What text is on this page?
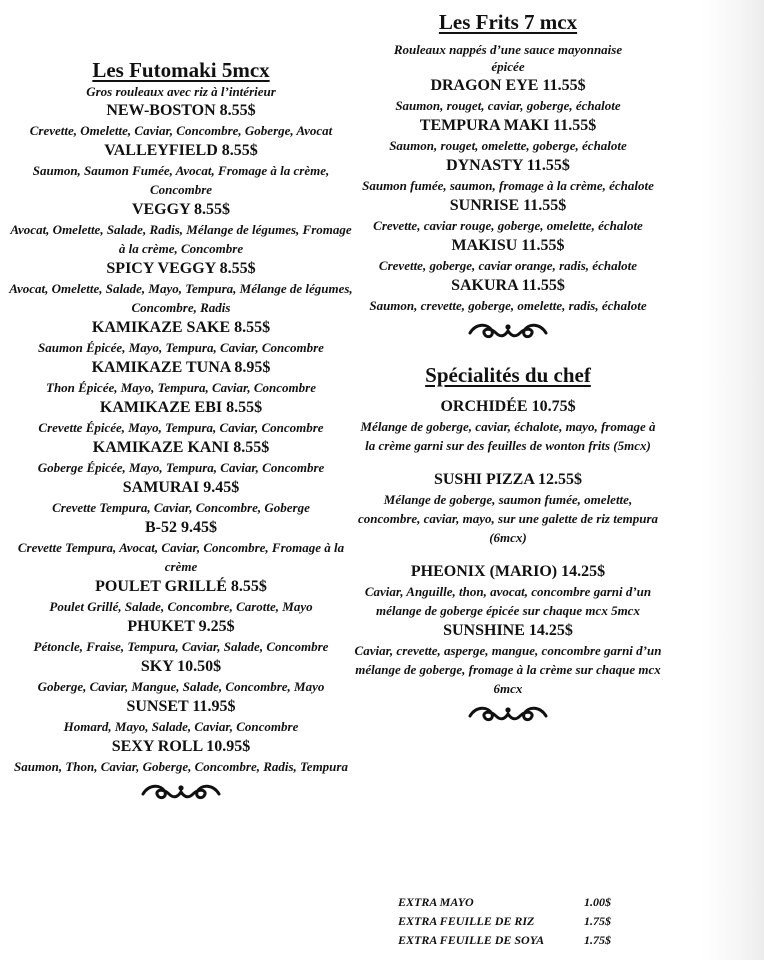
Les Futomaki 5mcx
Gros rouleaux avec riz à l’intérieur
NEW-BOSTON 8.55$
Crevette, Omelette, Caviar, Concombre, Goberge, Avocat
VALLEYFIELD 8.55$
Saumon, Saumon Fumée, Avocat, Fromage à la crème, Concombre
VEGGY 8.55$
Avocat, Omelette, Salade, Radis, Mélange de légumes, Fromage à la crème, Concombre
SPICY VEGGY 8.55$
Avocat, Omelette, Salade, Mayo, Tempura, Mélange de légumes, Concombre, Radis
KAMIKAZE SAKE 8.55$
Saumon Épicée, Mayo, Tempura, Caviar, Concombre
KAMIKAZE TUNA 8.95$
Thon Épicée, Mayo, Tempura, Caviar, Concombre
KAMIKAZE EBI 8.55$
Crevette Épicée, Mayo, Tempura, Caviar, Concombre
KAMIKAZE KANI 8.55$
Goberge Épicée, Mayo, Tempura, Caviar, Concombre
SAMURAI 9.45$
Crevette Tempura, Caviar, Concombre, Goberge
B-52 9.45$
Crevette Tempura, Avocat, Caviar, Concombre, Fromage à la crème
POULET GRILLÉ 8.55$
Poulet Grillé, Salade, Concombre, Carotte, Mayo
PHUKET 9.25$
Pétoncle, Fraise, Tempura, Caviar, Salade, Concombre
SKY 10.50$
Goberge, Caviar, Mangue, Salade, Concombre, Mayo
SUNSET 11.95$
Homard, Mayo, Salade, Caviar, Concombre
SEXY ROLL 10.95$
Saumon, Thon, Caviar, Goberge, Concombre, Radis, Tempura
Les Frits 7 mcx
Rouleaux nappés d’une sauce mayonnaise épicée
DRAGON EYE 11.55$
Saumon, rouget, caviar, goberge, échalote
TEMPURA MAKI 11.55$
Saumon, rouget, omelette, goberge, échalote
DYNASTY 11.55$
Saumon fumée, saumon, fromage à la crème, échalote
SUNRISE 11.55$
Crevette, caviar rouge, goberge, omelette, échalote
MAKISU 11.55$
Crevette, goberge, caviar orange, radis, échalote
SAKURA 11.55$
Saumon, crevette, goberge, omelette, radis, échalote
Spécialités du chef
ORCHIDÉE 10.75$
Mélange de goberge, caviar, échalote, mayo, fromage à la crème garni sur des feuilles de wonton frits (5mcx)
SUSHI PIZZA 12.55$
Mélange de goberge, saumon fumée, omelette, concombre, caviar, mayo, sur une galette de riz tempura (6mcx)
PHEONIX (MARIO) 14.25$
Caviar, Anguille, thon, avocat, concombre garni d’un mélange de goberge épicée sur chaque mcx 5mcx
SUNSHINE 14.25$
Caviar, crevette, asperge, mangue, concombre garni d’un mélange de goberge, fromage à la crème sur chaque mcx 6mcx
EXTRA MAYO	1.00$
EXTRA FEUILLE DE RIZ	1.75$
EXTRA FEUILLE DE SOYA	1.75$
